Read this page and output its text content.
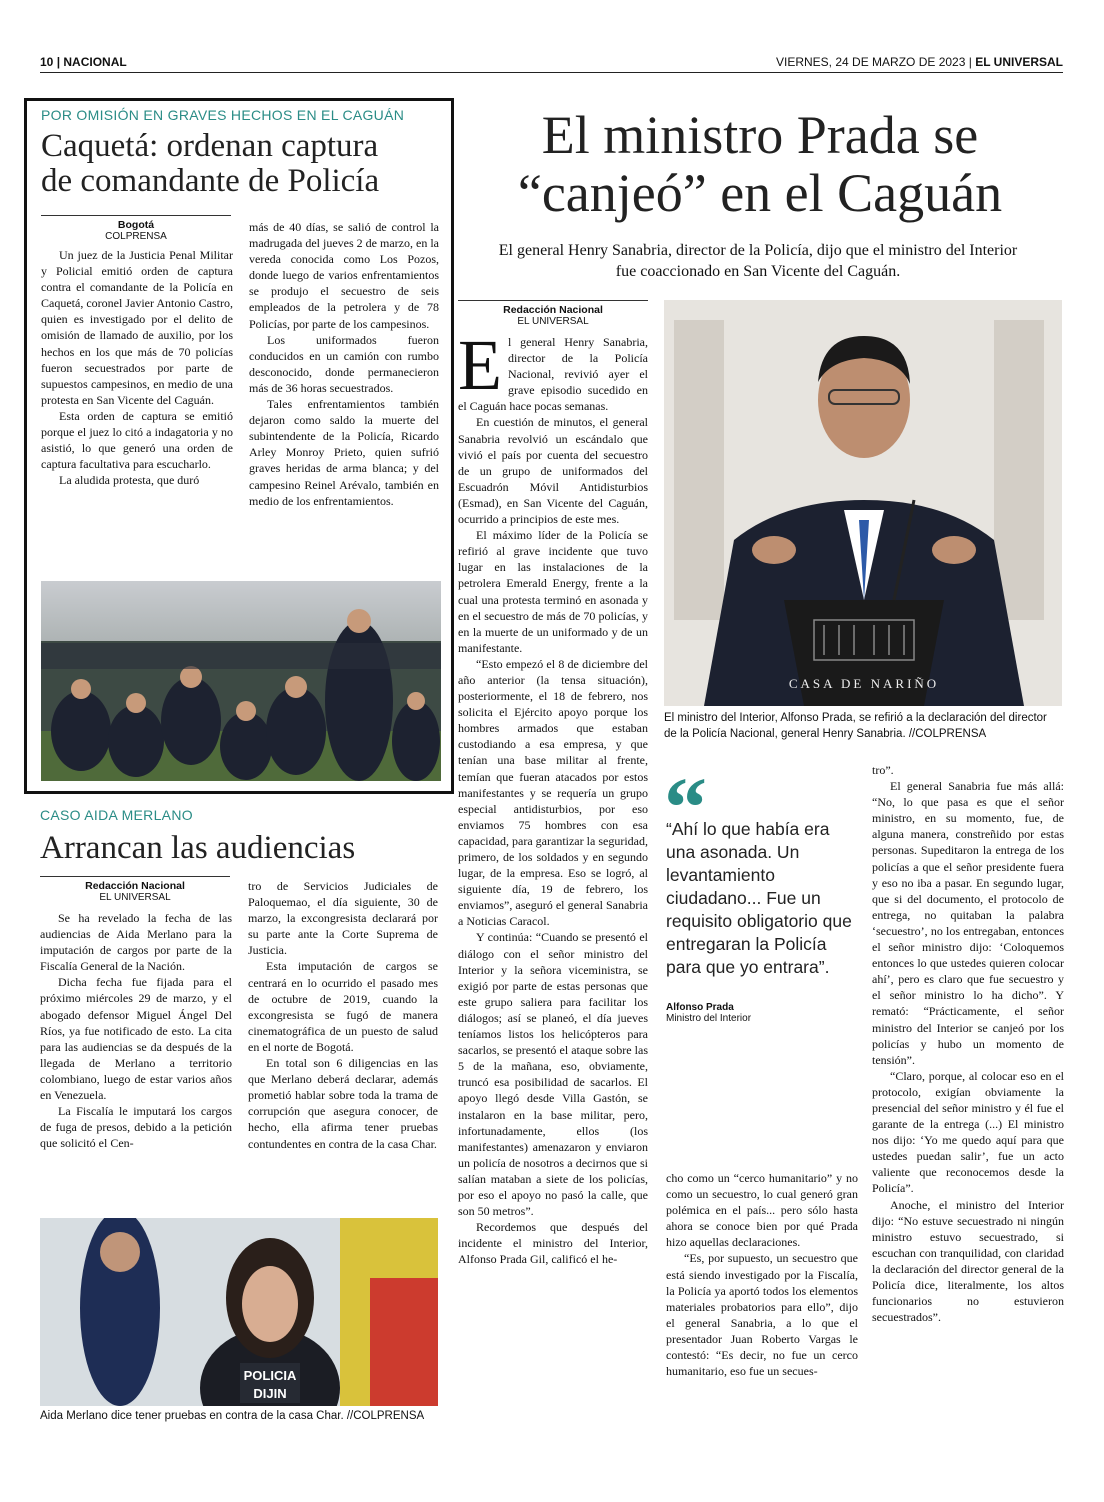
10 | NACIONAL	VIERNES, 24 DE MARZO DE 2023 | EL UNIVERSAL
POR OMISIÓN EN GRAVES HECHOS EN EL CAGUÁN
Caquetá: ordenan captura
de comandante de Policía
Bogotá
COLPRENSA

Un juez de la Justicia Penal Militar y Policial emitió orden de captura contra el comandante de la Policía en Caquetá, coronel Javier Antonio Castro, quien es investigado por el delito de omisión de llamado de auxilio, por los hechos en los que más de 70 policías fueron secuestrados por parte de supuestos campesinos, en medio de una protesta en San Vicente del Caguán.

Esta orden de captura se emitió porque el juez lo citó a indagatoria y no asistió, lo que generó una orden de captura facultativa para escucharlo.

La aludida protesta, que duró

más de 40 días, se salió de control la madrugada del jueves 2 de marzo, en la vereda conocida como Los Pozos, donde luego de varios enfrentamientos se produjo el secuestro de seis empleados de la petrolera y de 78 Policías, por parte de los campesinos.

Los uniformados fueron conducidos en un camión con rumbo desconocido, donde permanecieron más de 36 horas secuestrados.

Tales enfrentamientos también dejaron como saldo la muerte del subintendente de la Policía, Ricardo Arley Monroy Prieto, quien sufrió graves heridas de arma blanca; y del campesino Reinel Arévalo, también en medio de los enfrentamientos.

CASO AIDA MERLANO
Arrancan las audiencias
Redacción Nacional
EL UNIVERSAL

Se ha revelado la fecha de las audiencias de Aida Merlano para la imputación de cargos por parte de la Fiscalía General de la Nación.

Dicha fecha fue fijada para el próximo miércoles 29 de marzo, y el abogado defensor Miguel Ángel Del Ríos, ya fue notificado de esto. La cita para las audiencias se da después de la llegada de Merlano a territorio colombiano, luego de estar varios años en Venezuela.

La Fiscalía le imputará los cargos de fuga de presos, debido a la petición que solicitó el Cen-

tro de Servicios Judiciales de Paloquemao, el día siguiente, 30 de marzo, la excongresista declarará por su parte ante la Corte Suprema de Justicia.

Esta imputación de cargos se centrará en lo ocurrido el pasado mes de octubre de 2019, cuando la excongresista se fugó de manera cinematográfica de un puesto de salud en el norte de Bogotá.

En total son 6 diligencias en las que Merlano deberá declarar, además prometió hablar sobre toda la trama de corrupción que asegura conocer, de hecho, ella afirma tener pruebas contundentes en contra de la casa Char.

POLICIA
DIJIN
Aida Merlano dice tener pruebas en contra de la casa Char. //COLPRENSA
El ministro Prada se
“canjeó” en el Caguán
El general Henry Sanabria, director de la Policía, dijo que el ministro del Interior fue coaccionado en San Vicente del Caguán.
Redacción Nacional
EL UNIVERSAL

El general Henry Sanabria, director de la Policía Nacional, revivió ayer el grave episodio sucedido en el Caguán hace pocas semanas.

En cuestión de minutos, el general Sanabria revolvió un escándalo que vivió el país por cuenta del secuestro de un grupo de uniformados del Escuadrón Móvil Antidisturbios (Esmad), en San Vicente del Caguán, ocurrido a principios de este mes.

El máximo líder de la Policía se refirió al grave incidente que tuvo lugar en las instalaciones de la petrolera Emerald Energy, frente a la cual una protesta terminó en asonada y en el secuestro de más de 70 policías, y en la muerte de un uniformado y de un manifestante.

“Esto empezó el 8 de diciembre del año anterior (la tensa situación), posteriormente, el 18 de febrero, nos solicita el Ejército apoyo porque los hombres armados que estaban custodiando a esa empresa, y que tenían una base militar al frente, temían que fueran atacados por estos manifestantes y se requería un grupo especial antidisturbios, por eso enviamos 75 hombres con esa capacidad, para garantizar la seguridad, primero, de los soldados y en segundo lugar, de la empresa. Eso se logró, al siguiente día, 19 de febrero, los enviamos”, aseguró el general Sanabria a Noticias Caracol.

Y continúa: “Cuando se presentó el diálogo con el señor ministro del Interior y la señora viceministra, se exigió por parte de estas personas que este grupo saliera para facilitar los diálogos; así se planeó, el día jueves teníamos listos los helicópteros para sacarlos, se presentó el ataque sobre las 5 de la mañana, eso, obviamente, truncó esa posibilidad de sacarlos. El apoyo llegó desde Villa Gastón, se instalaron en la base militar, pero, infortunadamente, ellos (los manifestantes) amenazaron y enviaron un policía de nosotros a decirnos que si salían mataban a siete de los policías, por eso el apoyo no pasó la calle, que son 50 metros”.

Recordemos que después del incidente el ministro del Interior, Alfonso Prada Gil, calificó el he-

CASA DE NARIÑO
El ministro del Interior, Alfonso Prada, se refirió a la declaración del director de la Policía Nacional, general Henry Sanabria. //COLPRENSA
“
“Ahí lo que había era una asonada. Un levantamiento ciudadano... Fue un requisito obligatorio que entregaran la Policía para que yo entrara”.
Alfonso Prada
Ministro del Interior

cho como un “cerco humanitario” y no como un secuestro, lo cual generó gran polémica en el país... pero sólo hasta ahora se conoce bien por qué Prada hizo aquellas declaraciones.

“Es, por supuesto, un secuestro que está siendo investigado por la Fiscalía, la Policía ya aportó todos los elementos materiales probatorios para ello”, dijo el general Sanabria, a lo que el presentador Juan Roberto Vargas le contestó: “Es decir, no fue un cerco humanitario, eso fue un secues-

tro”.

El general Sanabria fue más allá: “No, lo que pasa es que el señor ministro, en su momento, fue, de alguna manera, constreñido por estas personas. Supeditaron la entrega de los policías a que el señor presidente fuera y eso no iba a pasar. En segundo lugar, que si del documento, el protocolo de entrega, no quitaban la palabra ‘secuestro’, no los entregaban, entonces el señor ministro dijo: ‘Coloquemos entonces lo que ustedes quieren colocar ahí’, pero es claro que fue secuestro y el señor ministro lo ha dicho”. Y remató: “Prácticamente, el señor ministro del Interior se canjeó por los policías y hubo un momento de tensión”.

“Claro, porque, al colocar eso en el protocolo, exigían obviamente la presencial del señor ministro y él fue el garante de la entrega (...) El ministro nos dijo: ‘Yo me quedo aquí para que ustedes puedan salir’, fue un acto valiente que reconocemos desde la Policía”.

Anoche, el ministro del Interior dijo: “No estuve secuestrado ni ningún ministro estuvo secuestrado, si escuchan con tranquilidad, con claridad la declaración del director general de la Policía dice, literalmente, los altos funcionarios no estuvieron secuestrados”.
